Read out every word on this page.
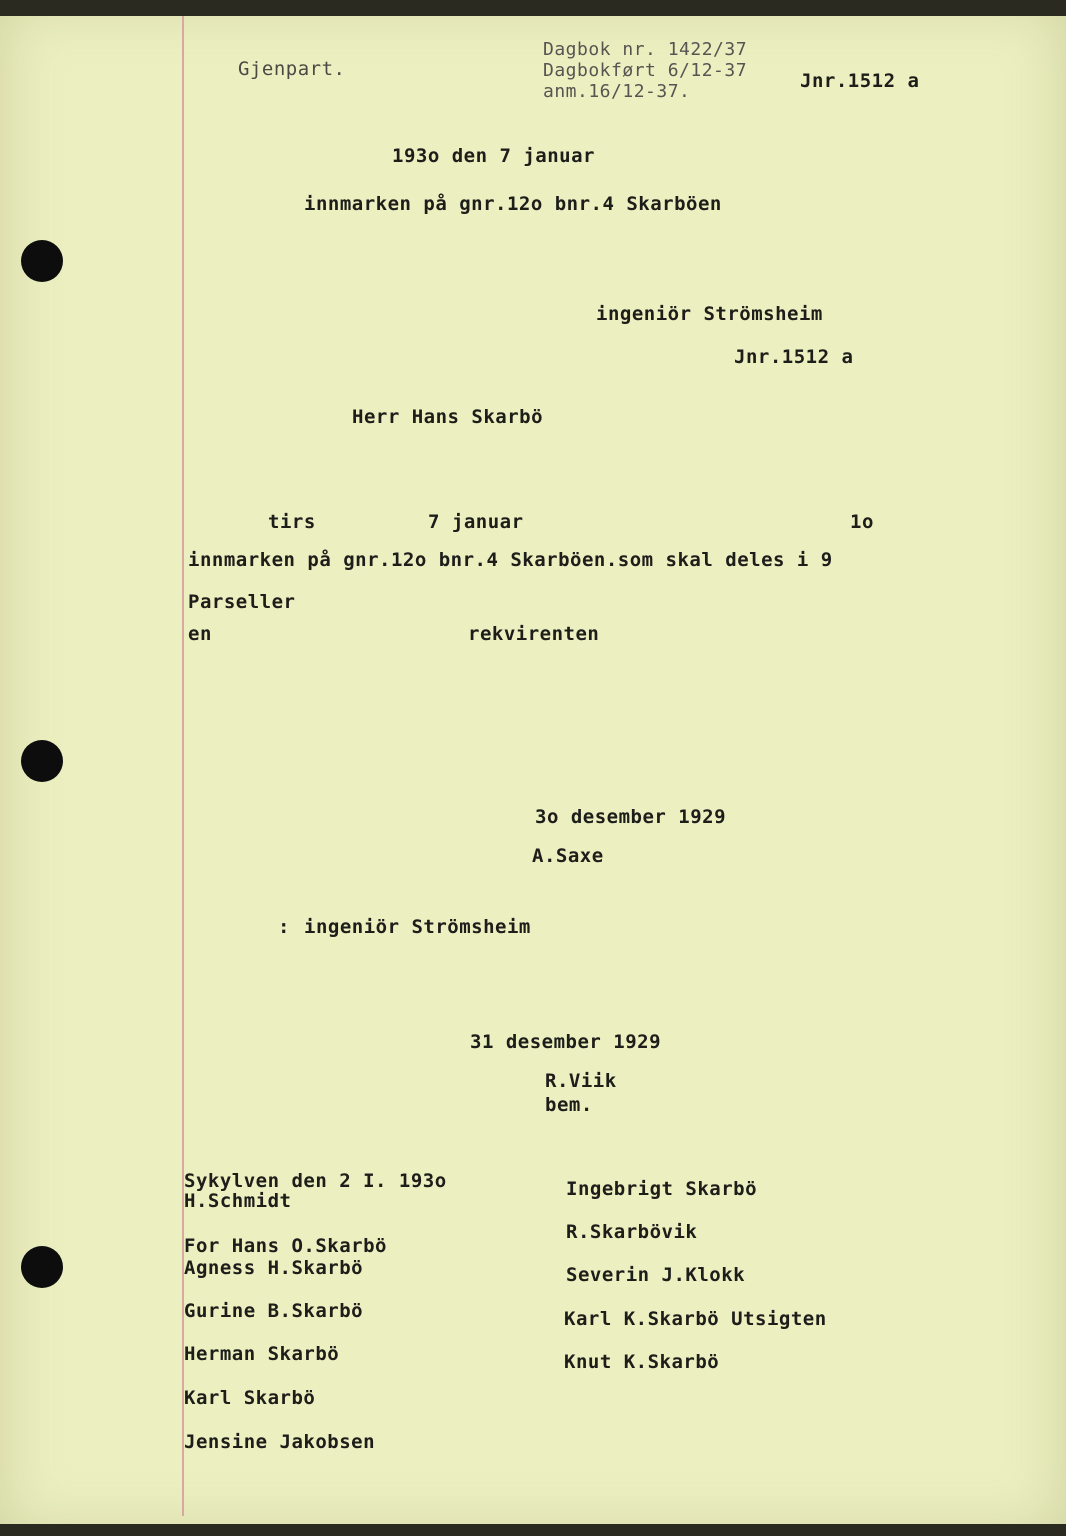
Gjenpart.
Dagbok nr. 1422/37
Dagbokført 6/12-37
anm.16/12-37.	Jnr.1512 a
193o den 7 januar
innmarken på gnr.12o bnr.4 Skarböen
ingeniör Strömsheim
Jnr.1512 a
Herr Hans Skarbö
tirs	7 januar	1o
innmarken på gnr.12o bnr.4 Skarböen.som skal deles i 9
Parseller
en	rekvirenten
3o desember 1929
A.Saxe
: ingeniör Strömsheim
31 desember 1929
R.Viik
bem.
Sykylven den 2 I. 193o
H.Schmidt
For Hans O.Skarbö
Agness H.Skarbö
Gurine B.Skarbö
Herman Skarbö
Karl Skarbö
Jensine Jakobsen
Ingebrigt Skarbö
R.Skarbövik
Severin J.Klokk
Karl K.Skarbö Utsigten
Knut K.Skarbö
